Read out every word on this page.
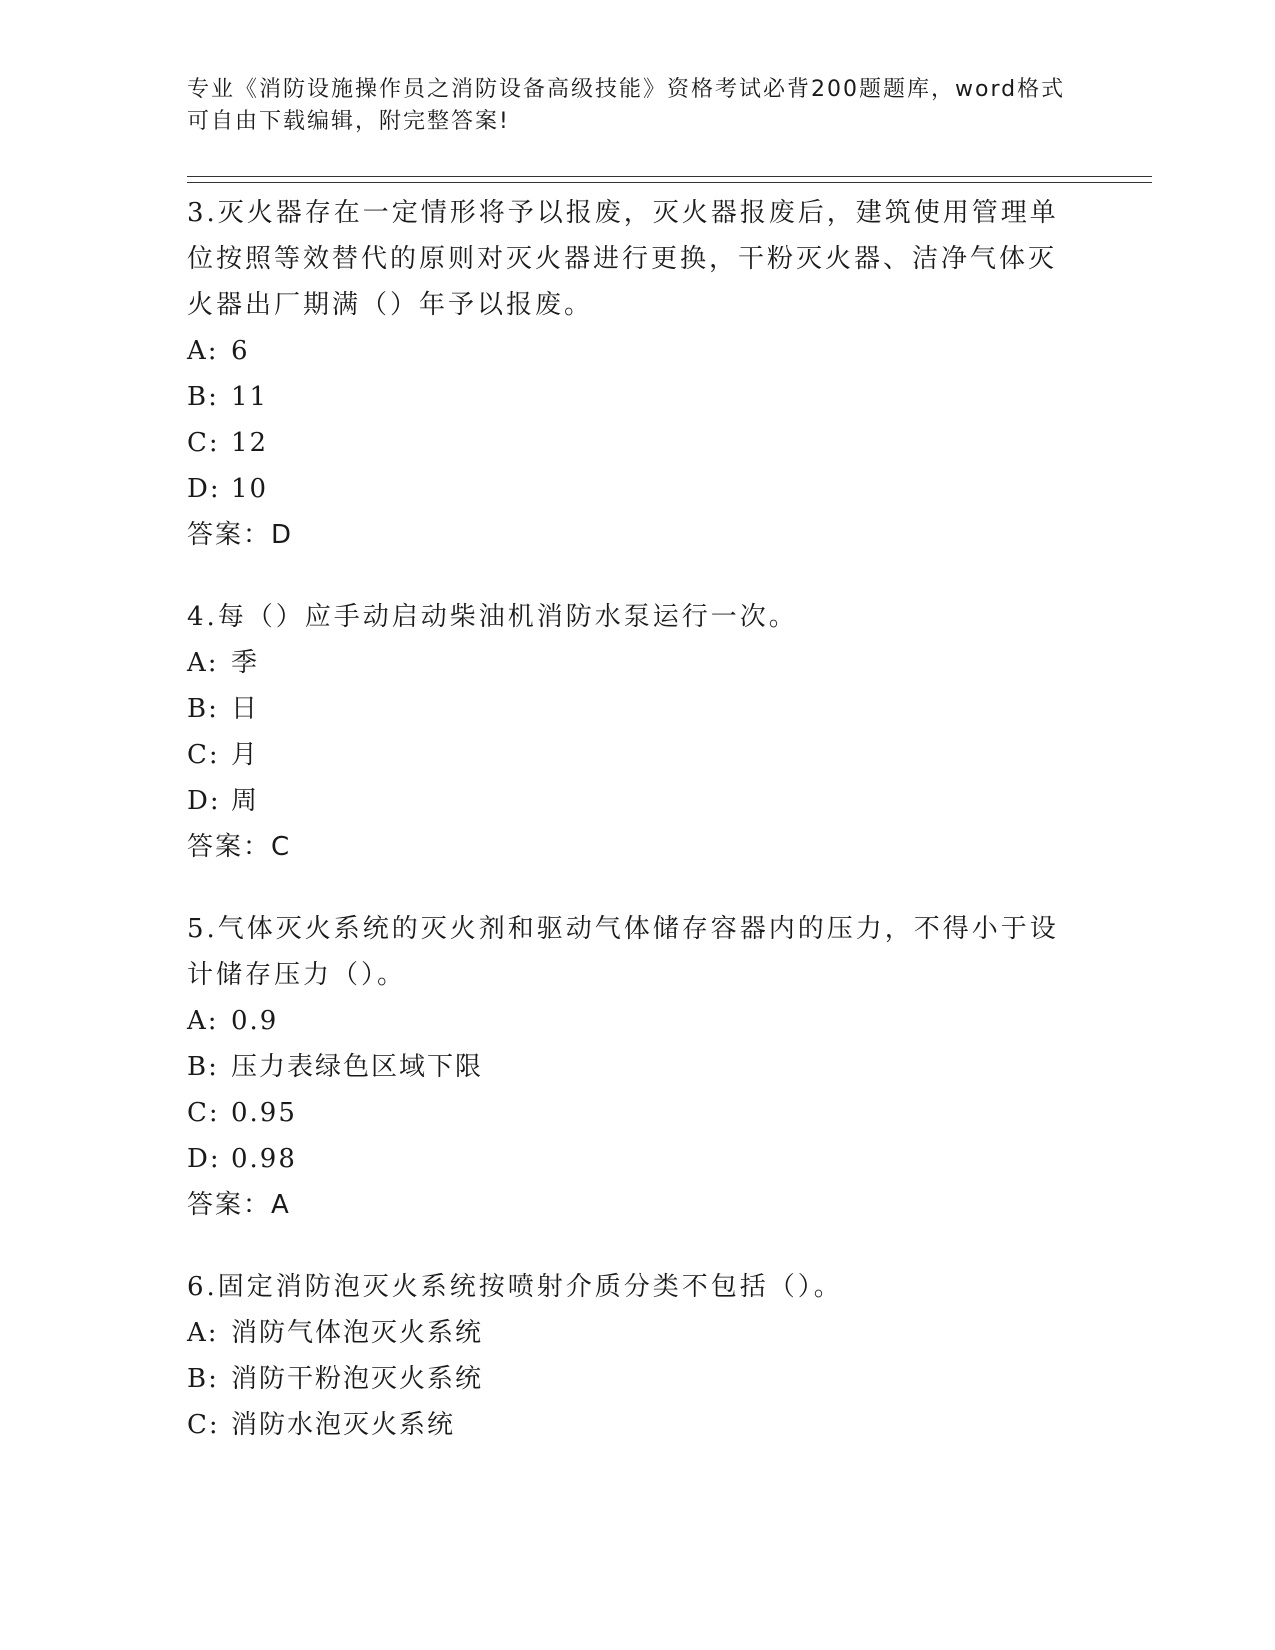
专业《消防设施操作员之消防设备高级技能》资格考试必背200题题库，word格式可自由下载编辑，附完整答案!

3.灭火器存在一定情形将予以报废，灭火器报废后，建筑使用管理单位按照等效替代的原则对灭火器进行更换，干粉灭火器、洁净气体灭火器出厂期满（）年予以报废。

A: 6
B: 11
C: 12
D: 10
答案：D

4.每（）应手动启动柴油机消防水泵运行一次。

A: 季
B: 日
C: 月
D: 周
答案：C

5.气体灭火系统的灭火剂和驱动气体储存容器内的压力，不得小于设计储存压力（）。

A: 0.9
B: 压力表绿色区域下限
C: 0.95
D: 0.98
答案：A

6.固定消防泡灭火系统按喷射介质分类不包括（）。

A: 消防气体泡灭火系统
B: 消防干粉泡灭火系统
C: 消防水泡灭火系统
